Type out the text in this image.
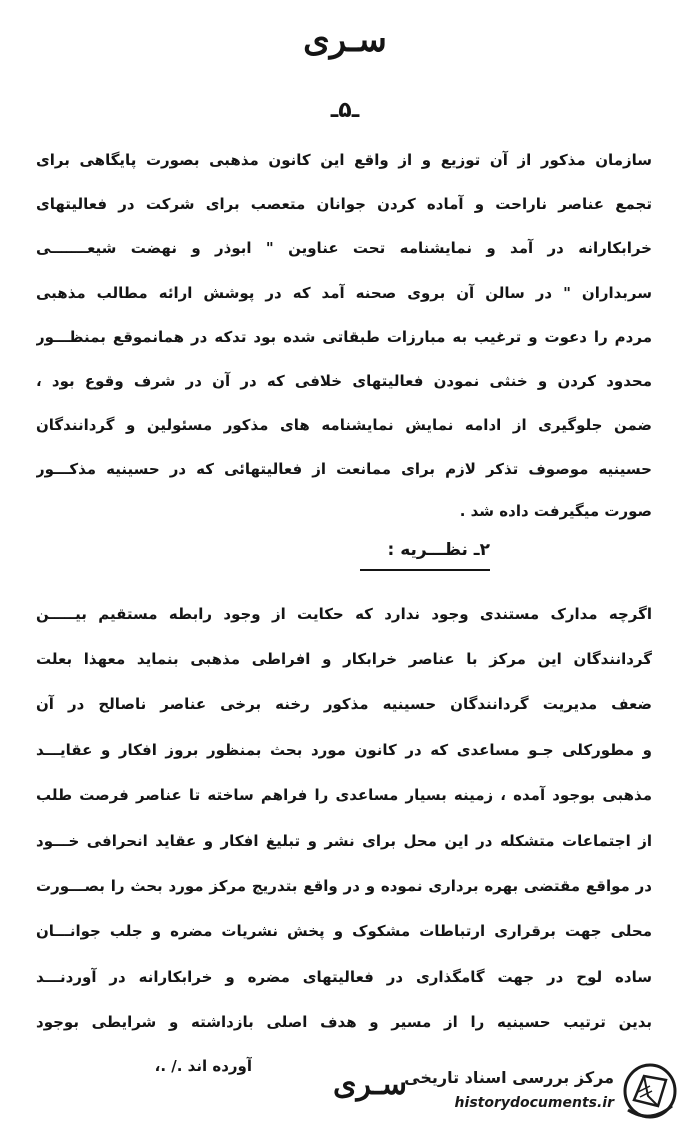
سـری
ـ۵ـ
سازمان مذکور از آن توزیع و از واقع این کانون مذهبی بصورت پایگاهی برای
تجمع عناصر ناراحت و آماده کردن جوانان متعصب برای شرکت در فعالیتهای
خرابکارانه در آمد و نمایشنامه تحت عناوین " ابوذر و نهضت شیعـــــــی
سربداران " در سالن آن بروی صحنه آمد که در پوشش ارائه مطالب مذهبی
مردم را دعوت و ترغیب به مبارزات طبقاتی شده بود تدکه در همانموقع بمنظـــور
محدود کردن و خنثی نمودن فعالیتهای خلافی که در آن در شرف وقوع بود ،
ضمن جلوگیری از ادامه نمایش نمایشنامه های مذکور مسئولین و گردانندگان
حسینیه موصوف تذکر لازم برای ممانعت از فعالیتهائی که در حسینیه مذکـــور
صورت میگیرفت داده شد .
۲ـ نظـــریه :
اگرچه مدارک مستندی وجود ندارد که حکایت از وجود رابطه مستقیم بیـــــن
گردانندگان این مرکز با عناصر خرابکار و افراطی مذهبی بنماید معهذا بعلت
ضعف مدیریت گردانندگان حسینیه مذکور رخنه برخی عناصر ناصالح در آن
و مطورکلی جـو مساعدی که در کانون مورد بحث بمنظور بروز افکار و عقایـــد
مذهبی بوجود آمده ، زمینه بسیار مساعدی را فراهم ساخته تا عناصر فرصت طلب
از اجتماعات متشکله در این محل برای نشر و تبلیغ افکار و عقاید انحرافی خـــود
در مواقع مقتضی بهره برداری نموده و در واقع بتدریج مرکز مورد بحث را بصـــورت
محلی جهت برقراری ارتباطات مشکوک و پخش نشریات مضره و جلب جوانـــان
ساده لوح در جهت گامگذاری در فعالیتهای مضره و خرابکارانه در آوردنـــد
بدین ترتیب حسینیه را از مسیر و هدف اصلی بازداشته و شرایطی بوجود
آورده اند ./ .،
سـری
مرکز بررسی اسناد تاریخی
historydocuments.ir
